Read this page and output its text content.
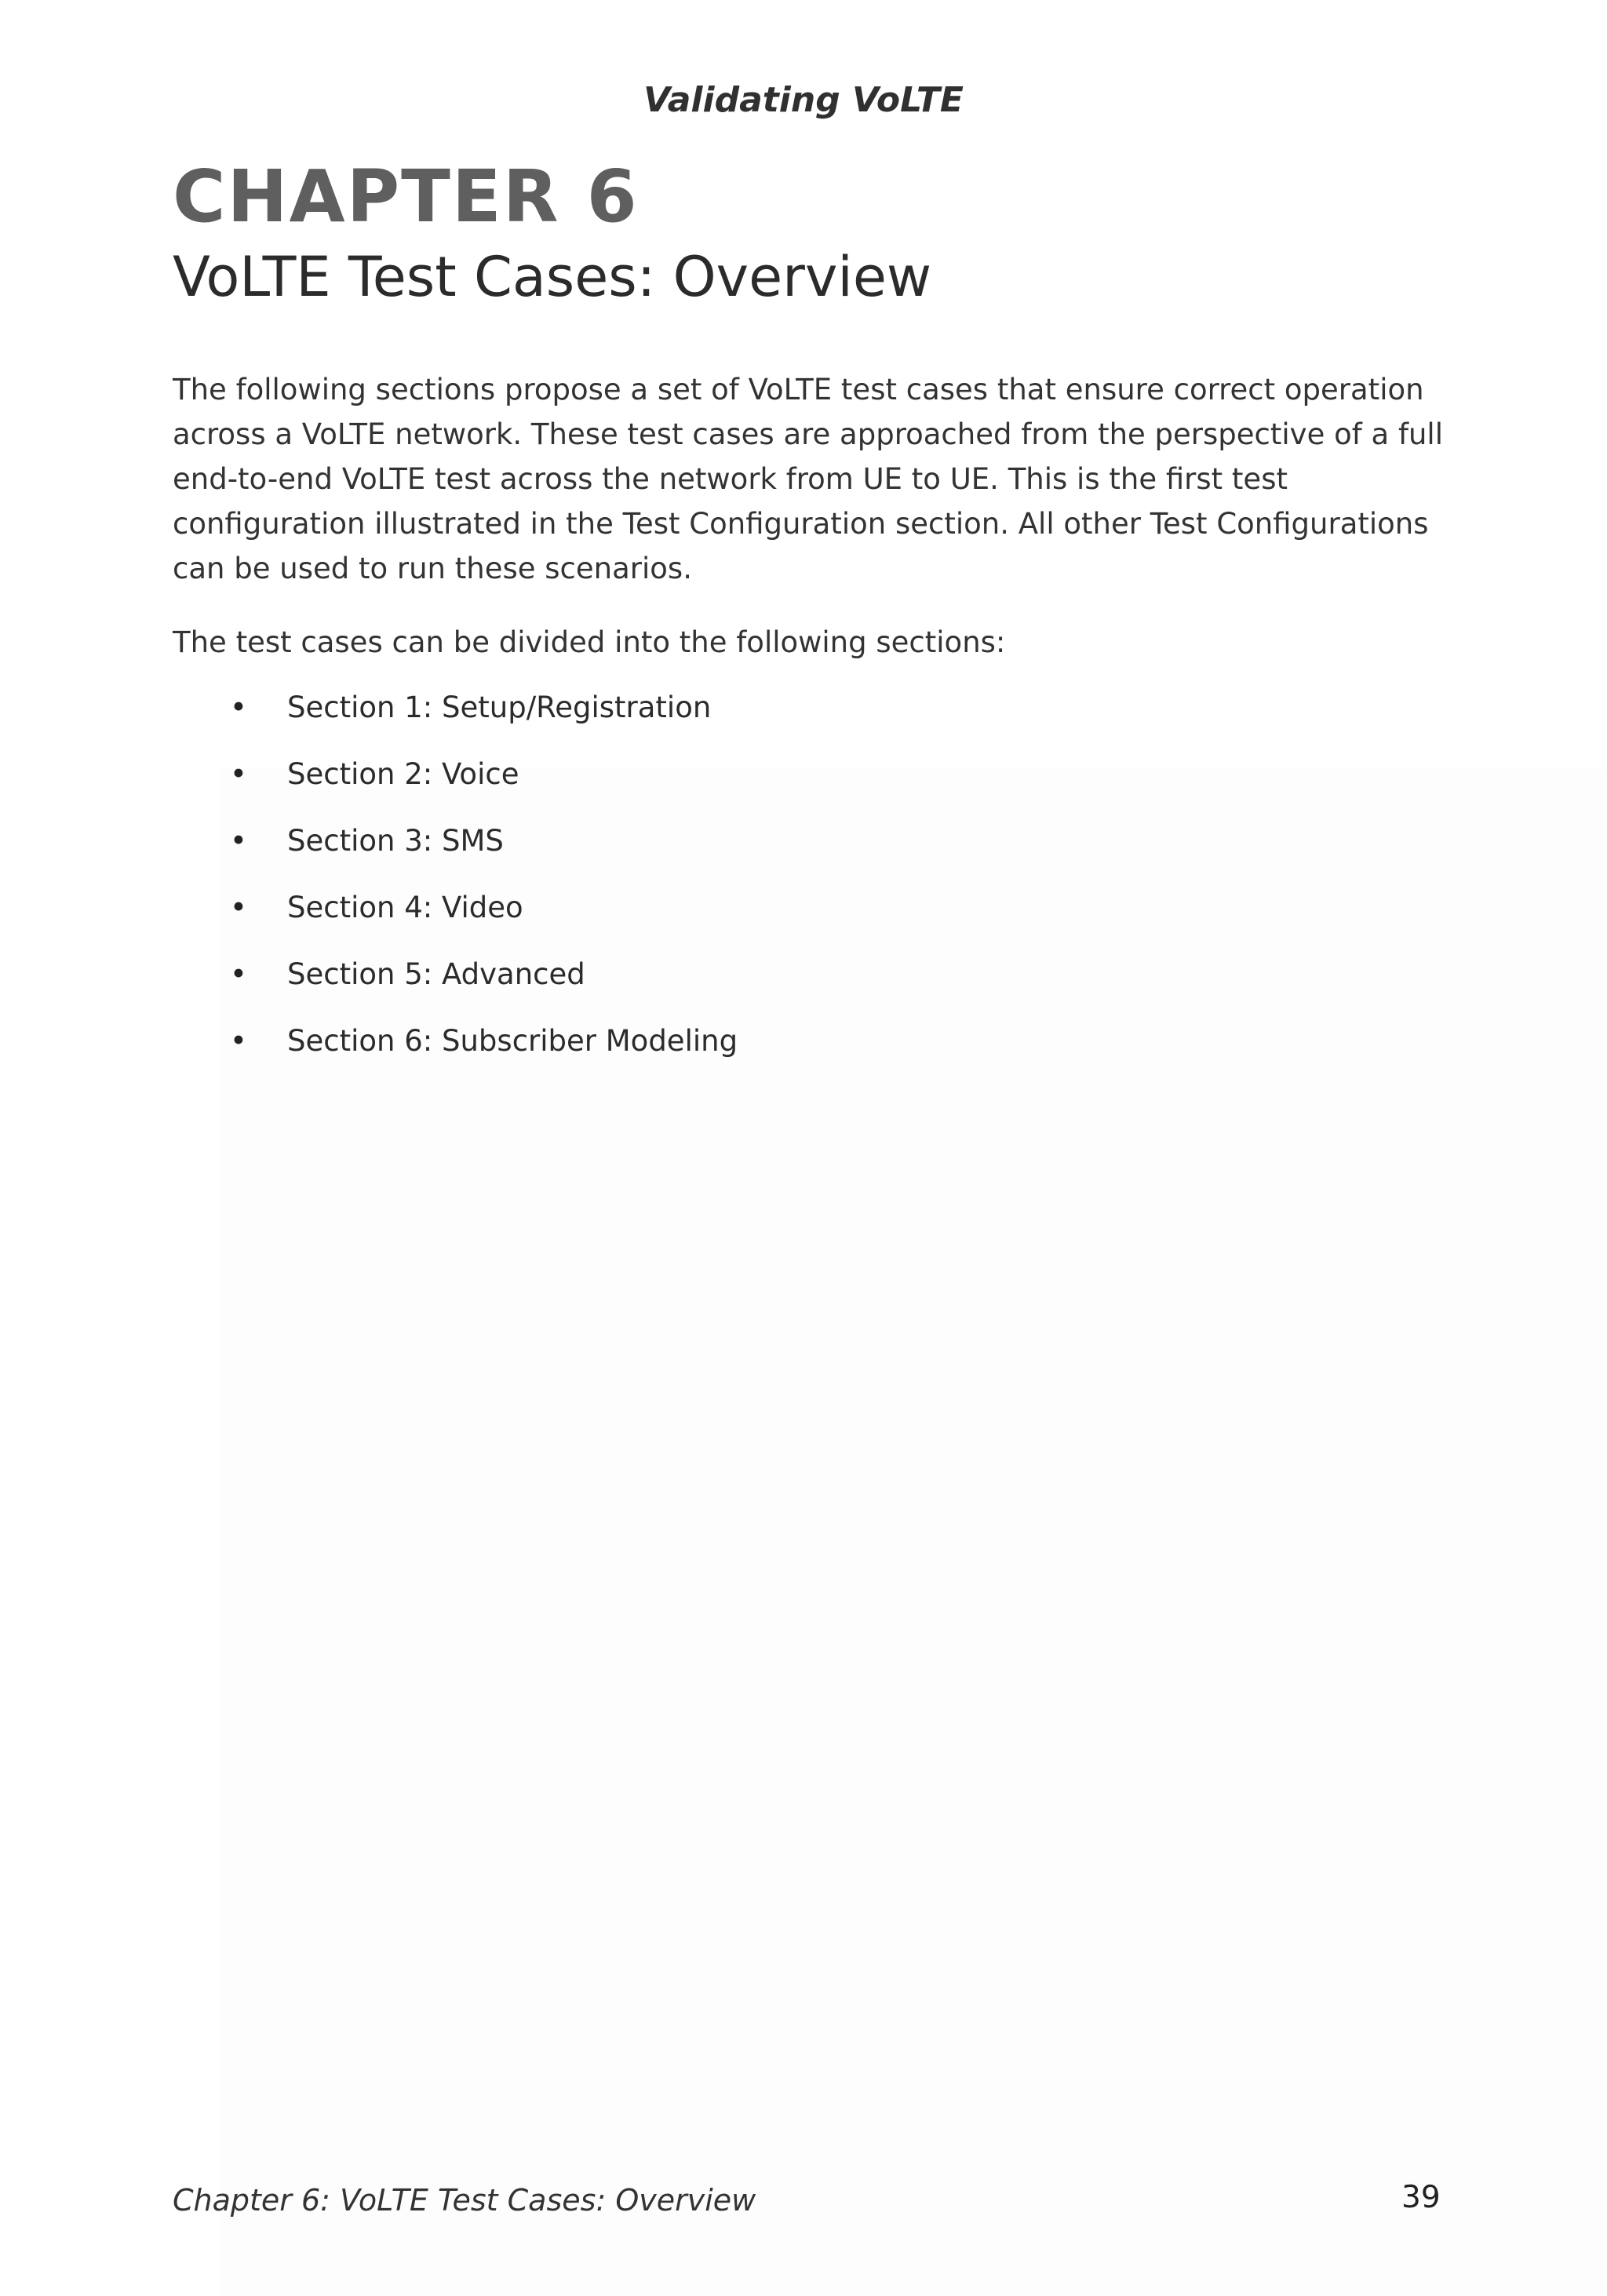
Validating VoLTE
CHAPTER 6
VoLTE Test Cases: Overview

The following sections propose a set of VoLTE test cases that ensure correct operation across a VoLTE network. These test cases are approached from the perspective of a full end-to-end VoLTE test across the network from UE to UE. This is the first test configuration illustrated in the Test Configuration section. All other Test Configurations can be used to run these scenarios.

The test cases can be divided into the following sections:

• Section 1: Setup/Registration
• Section 2: Voice
• Section 3: SMS
• Section 4: Video
• Section 5: Advanced
• Section 6: Subscriber Modeling
Chapter 6: VoLTE Test Cases: Overview	39
